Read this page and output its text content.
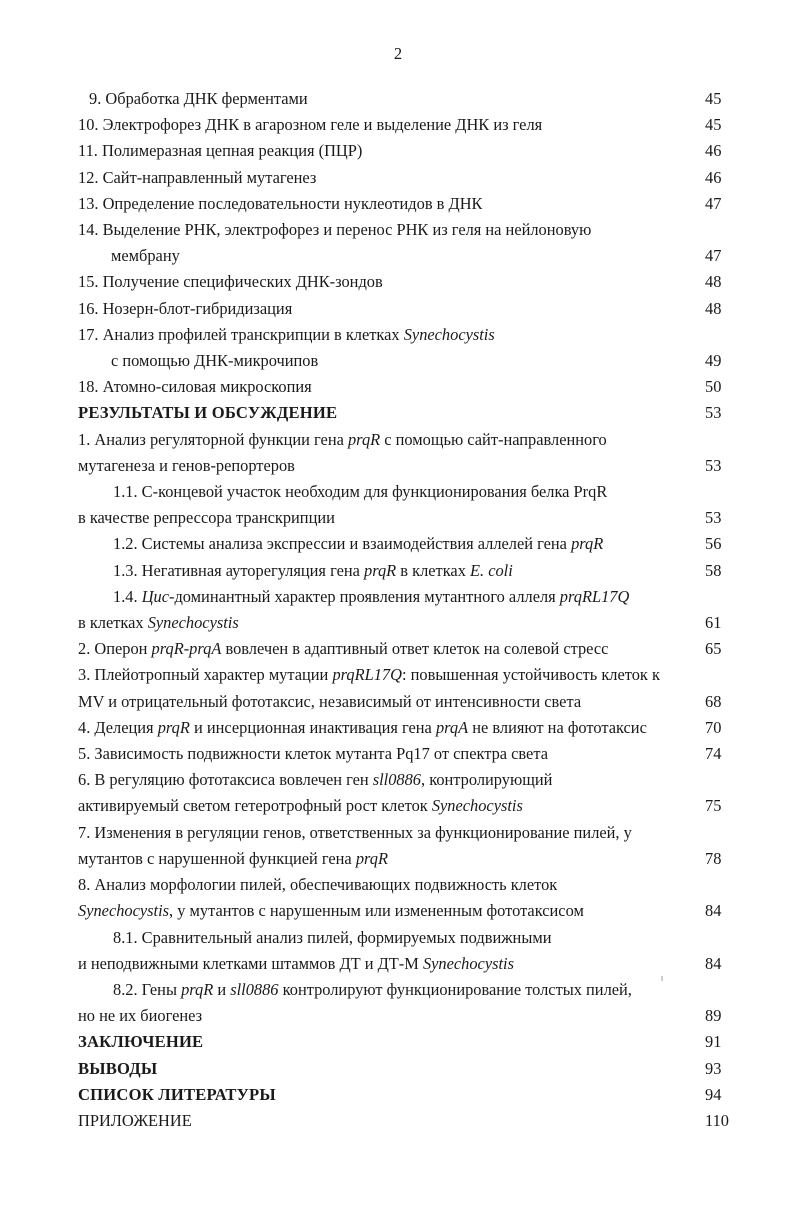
2
9. Обработка ДНК ферментами	45
10. Электрофорез ДНК в агарозном геле и выделение ДНК из геля	45
11. Полимеразная цепная реакция (ПЦР)	46
12. Сайт-направленный мутагенез	46
13. Определение последовательности нуклеотидов в ДНК	47
14. Выделение РНК, электрофорез и перенос РНК из геля на нейлоновую
мембрану	47
15. Получение специфических ДНК-зондов	48
16. Нозерн-блот-гибридизация	48
17. Анализ профилей транскрипции в клетках Synechocystis
с помощью ДНК-микрочипов	49
18. Атомно-силовая микроскопия	50
РЕЗУЛЬТАТЫ И ОБСУЖДЕНИЕ	53
1. Анализ регуляторной функции гена prqR с помощью сайт-направленного
мутагенеза и генов-репортеров	53
1.1. С-концевой участок необходим для функционирования белка PrqR
в качестве репрессора транскрипции	53
1.2. Системы анализа экспрессии и взаимодействия аллелей гена prqR	56
1.3. Негативная ауторегуляция гена prqR в клетках E. coli	58
1.4. Цис-доминантный характер проявления мутантного аллеля prqRL17Q
в клетках Synechocystis	61
2. Оперон prqR-prqA вовлечен в адаптивный ответ клеток на солевой стресс	65
3. Плейотропный характер мутации prqRL17Q: повышенная устойчивость клеток к
MV и отрицательный фототаксис, независимый от интенсивности света	68
4. Делеция prqR и инсерционная инактивация гена prqA не влияют на фототаксис	70
5. Зависимость подвижности клеток мутанта Pq17 от спектра света	74
6. В регуляцию фототаксиса вовлечен ген sll0886, контролирующий
активируемый светом гетеротрофный рост клеток Synechocystis	75
7. Изменения в регуляции генов, ответственных за функционирование пилей, у
мутантов с нарушенной функцией гена prqR	78
8. Анализ морфологии пилей, обеспечивающих подвижность клеток
Synechocystis, у мутантов с нарушенным или измененным фототаксисом	84
8.1. Сравнительный анализ пилей, формируемых подвижными
и неподвижными клетками штаммов ДТ и ДТ-М Synechocystis	84
8.2. Гены prqR и sll0886 контролируют функционирование толстых пилей,
но не их биогенез	89
ЗАКЛЮЧЕНИЕ	91
ВЫВОДЫ	93
СПИСОК ЛИТЕРАТУРЫ	94
ПРИЛОЖЕНИЕ	110
